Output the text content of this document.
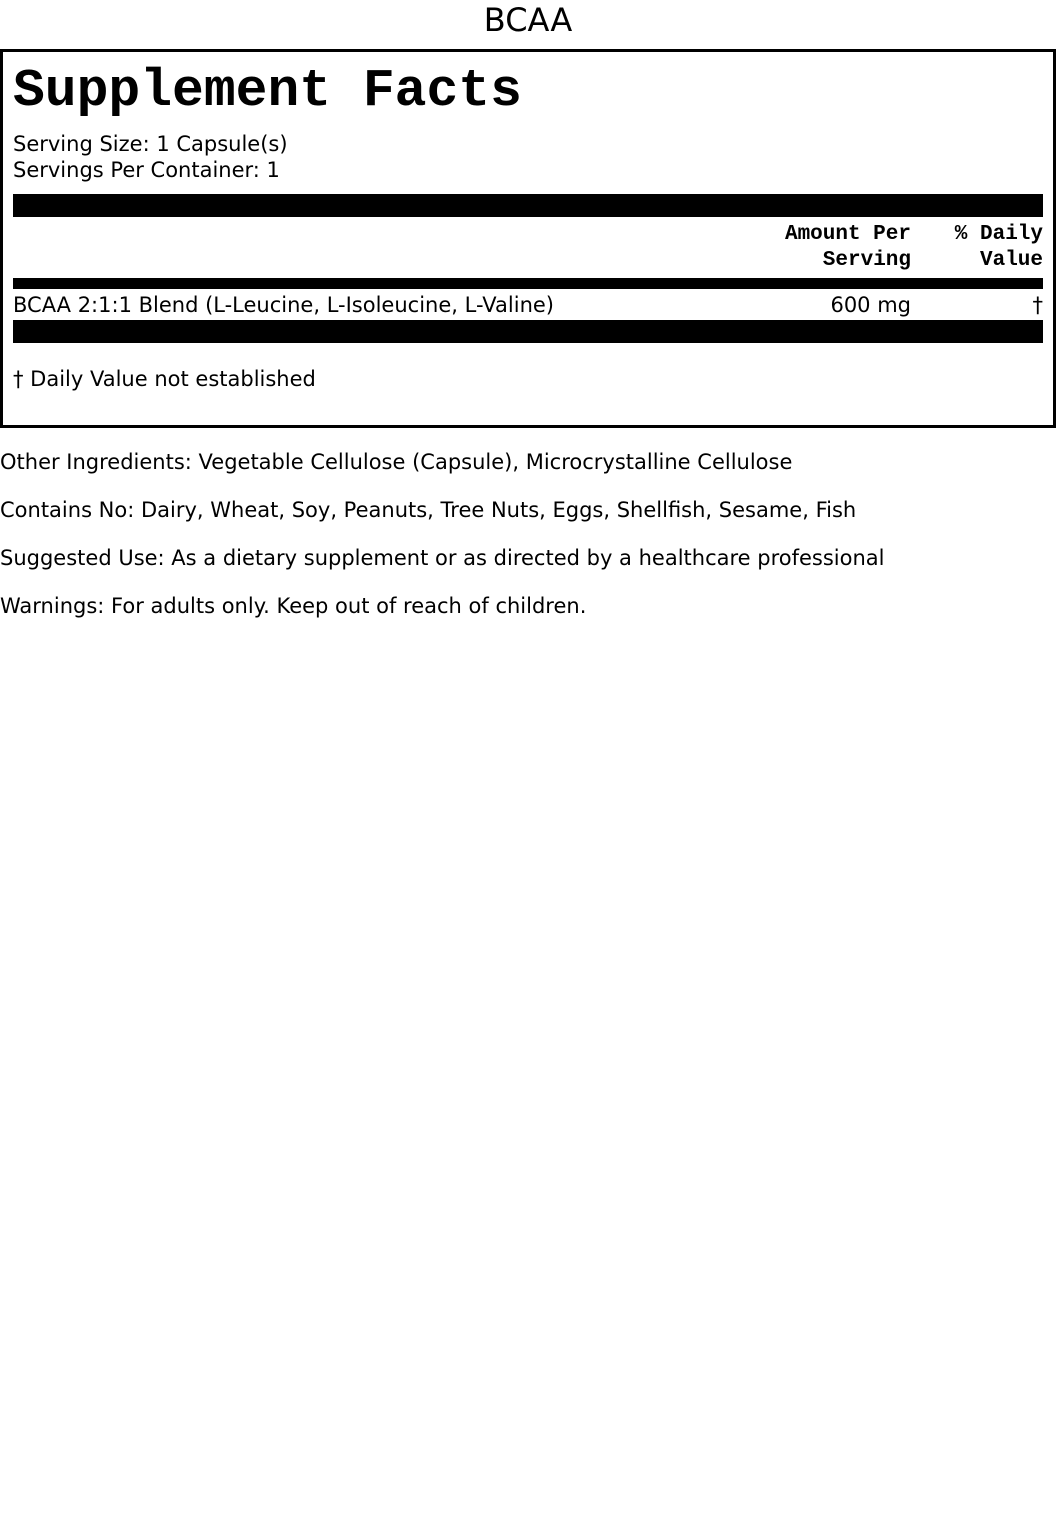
BCAA
Supplement Facts
Serving Size: 1 Capsule(s)
Servings Per Container: 1
Amount Per
Serving
% Daily
Value
BCAA 2:1:1 Blend (L-Leucine, L-Isoleucine, L-Valine)	600 mg	†
† Daily Value not established
Other Ingredients: Vegetable Cellulose (Capsule), Microcrystalline Cellulose
Contains No: Dairy, Wheat, Soy, Peanuts, Tree Nuts, Eggs, Shellfish, Sesame, Fish
Suggested Use: As a dietary supplement or as directed by a healthcare professional
Warnings: For adults only. Keep out of reach of children.
